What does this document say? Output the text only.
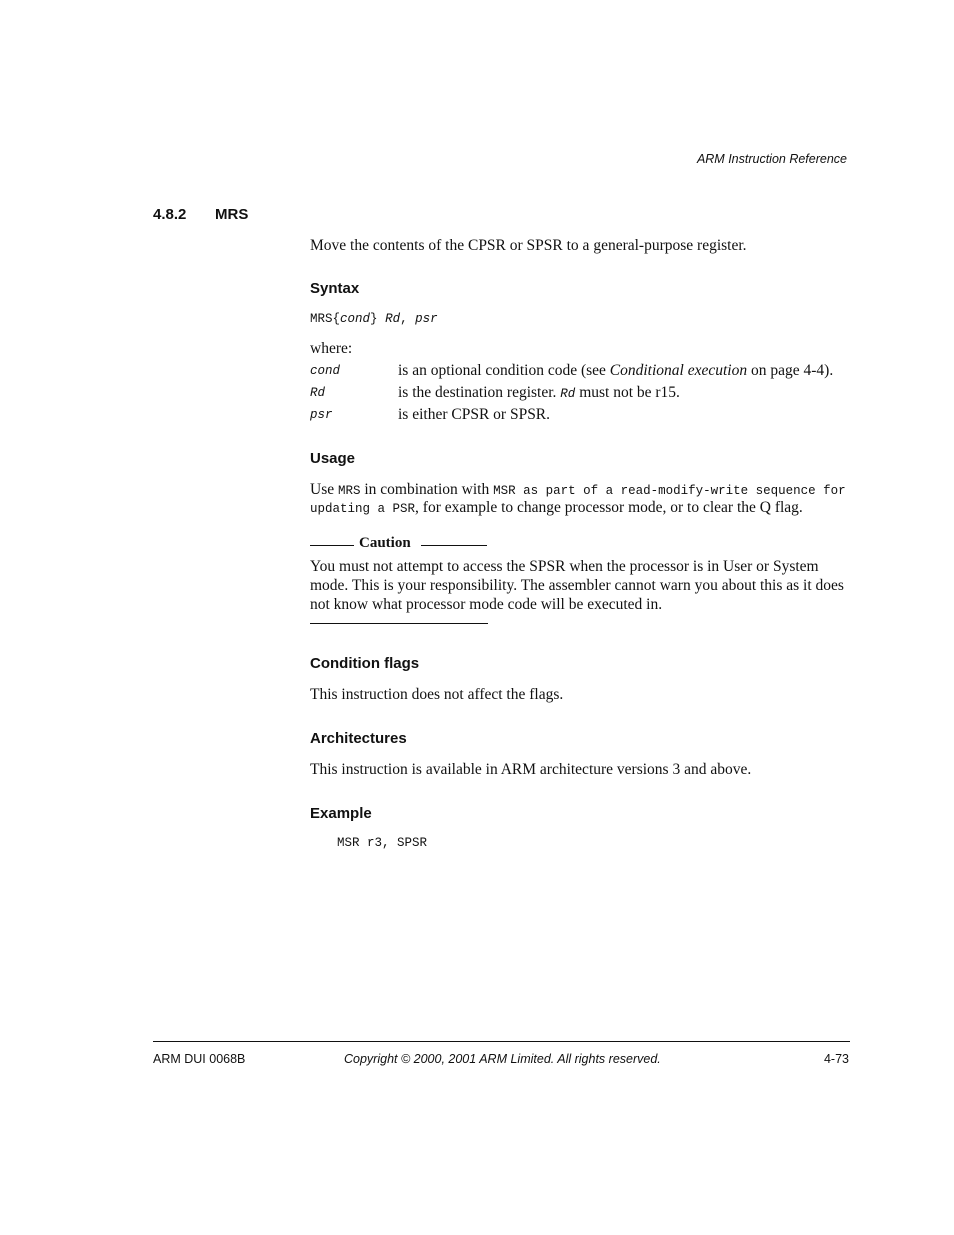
ARM Instruction Reference
4.8.2 MRS
Move the contents of the CPSR or SPSR to a general-purpose register.
Syntax
MRS{cond} Rd, psr
where:
cond	is an optional condition code (see Conditional execution on page 4-4).
Rd	is the destination register. Rd must not be r15.
psr	is either CPSR or SPSR.
Usage
Use MRS in combination with MSR as part of a read-modify-write sequence for
updating a PSR, for example to change processor mode, or to clear the Q flag.
Caution
You must not attempt to access the SPSR when the processor is in User or System mode. This is your responsibility. The assembler cannot warn you about this as it does not know what processor mode code will be executed in.
Condition flags
This instruction does not affect the flags.
Architectures
This instruction is available in ARM architecture versions 3 and above.
Example
MSR r3, SPSR
ARM DUI 0068B	Copyright © 2000, 2001 ARM Limited. All rights reserved.	4-73
